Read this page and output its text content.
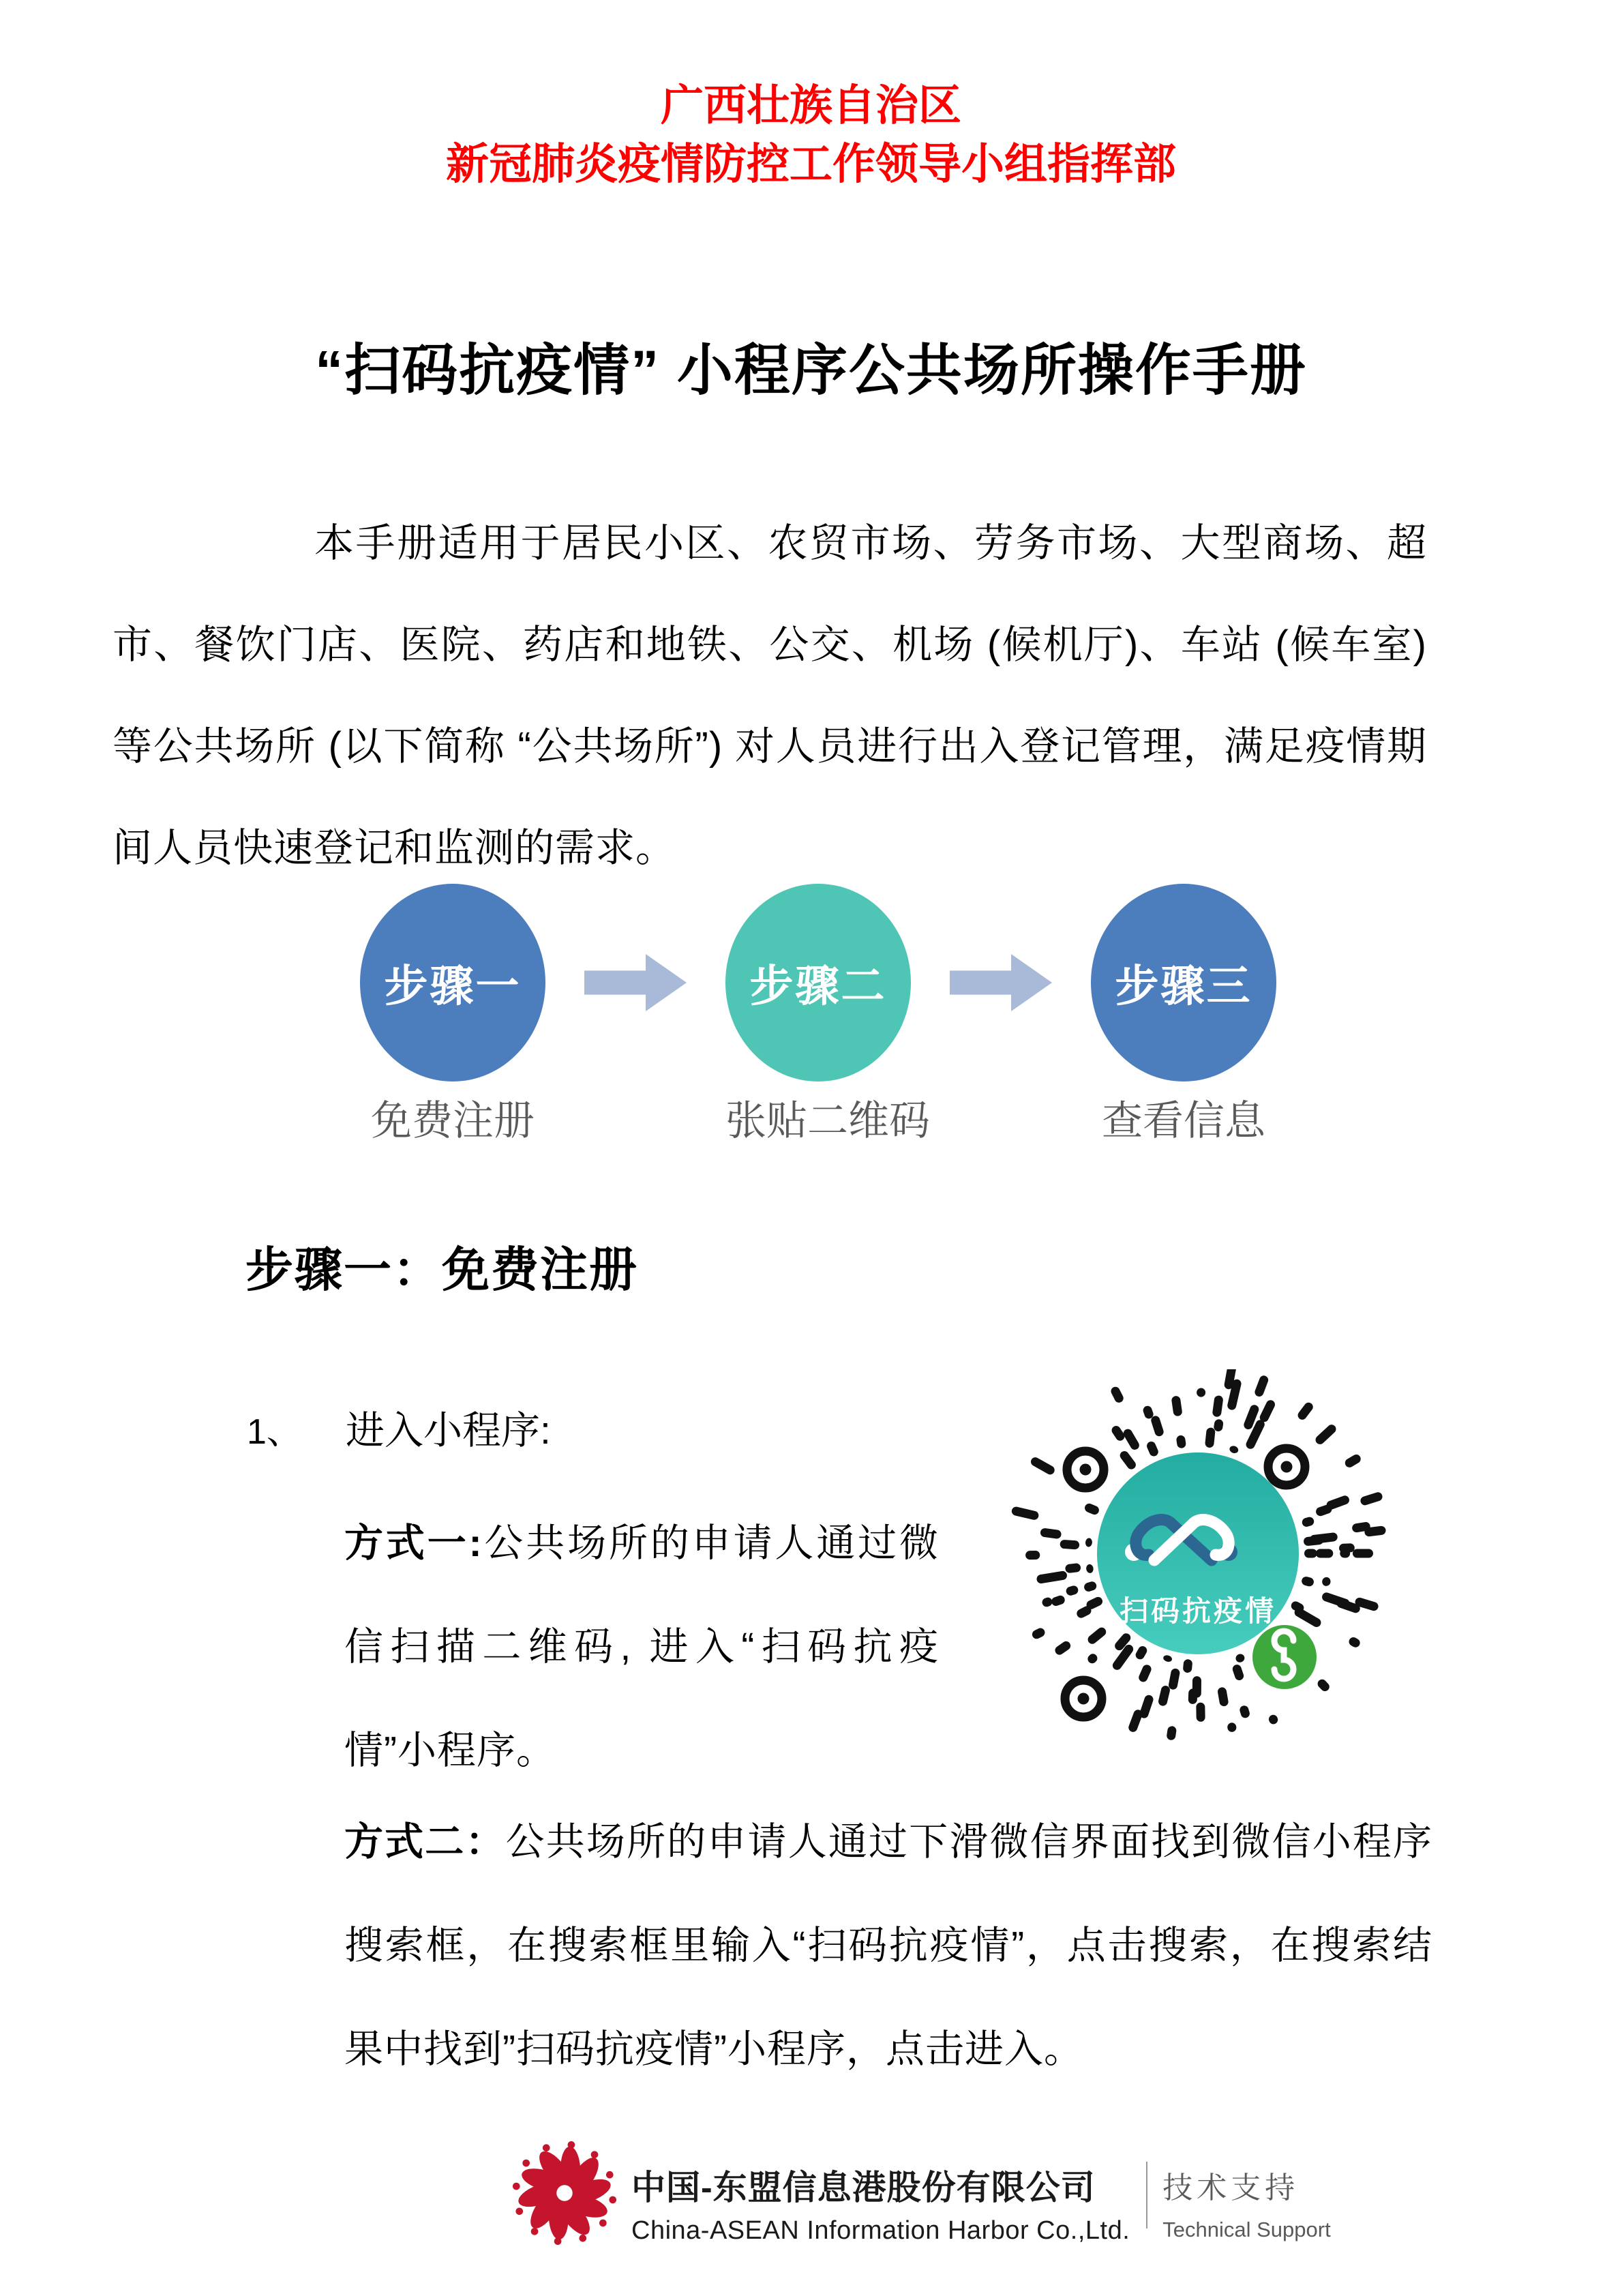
广西壮族自治区
新冠肺炎疫情防控工作领导小组指挥部
“扫码抗疫情” 小程序公共场所操作手册

本手册适用于居民小区、农贸市场、劳务市场、大型商场、超市、餐饮门店、医院、药店和地铁、公交、机场 (候机厅)、车站 (候车室) 等公共场所 (以下简称 “公共场所”) 对人员进行出入登记管理，满足疫情期间人员快速登记和监测的需求。

步骤一	步骤二	步骤三
免费注册	张贴二维码	查看信息
步骤一：免费注册
1、 进入小程序:

方式一:公共场所的申请人通过微信扫描二维码, 进入“扫码抗疫情”小程序。

扫码抗疫情

方式二：公共场所的申请人通过下滑微信界面找到微信小程序搜索框，在搜索框里输入“扫码抗疫情”，点击搜索，在搜索结果中找到”扫码抗疫情”小程序，点击进入。

中国-东盟信息港股份有限公司
China-ASEAN Information Harbor Co.,Ltd.
技术支持
Technical Support
